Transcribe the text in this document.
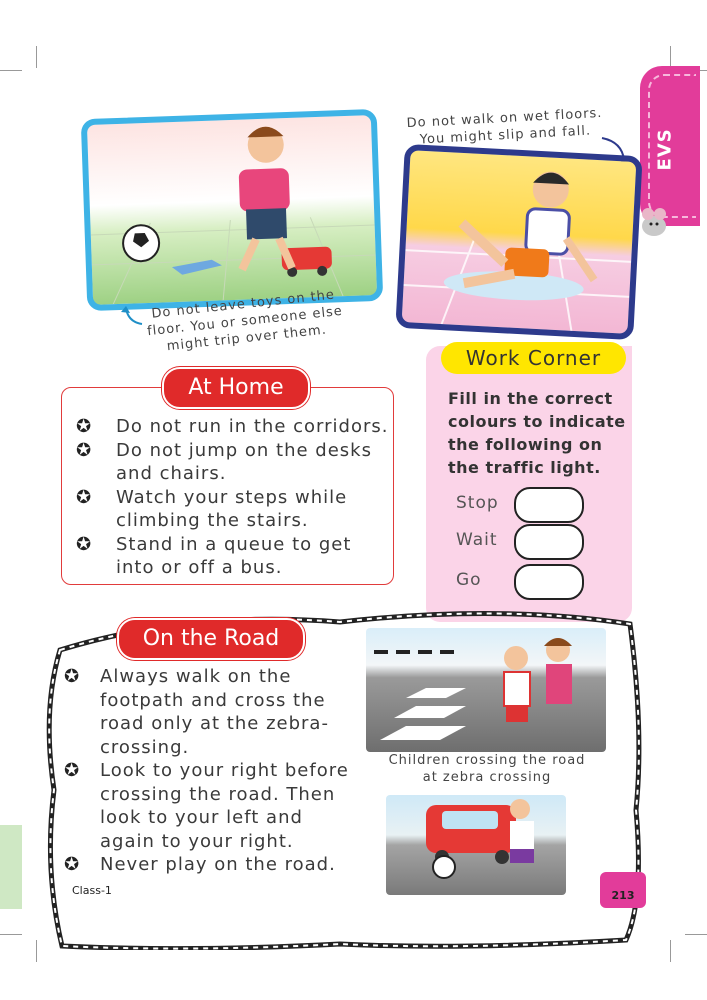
EVS
Do not leave toys on the floor. You or someone else might trip over them.
Do not walk on wet floors. You might slip and fall.
At Home
✪ Do not run in the corridors.
✪ Do not jump on the desks and chairs.
✪ Watch your steps while climbing the stairs.
✪ Stand in a queue to get into or off a bus.
Work Corner
Fill in the correct colours to indicate the following on the traffic light.
Stop
Wait
Go
On the Road
✪ Always walk on the footpath and cross the road only at the zebra-crossing.
✪ Look to your right before crossing the road. Then look to your left and again to your right.
✪ Never play on the road.
Children crossing the road at zebra crossing
Class-1	213
